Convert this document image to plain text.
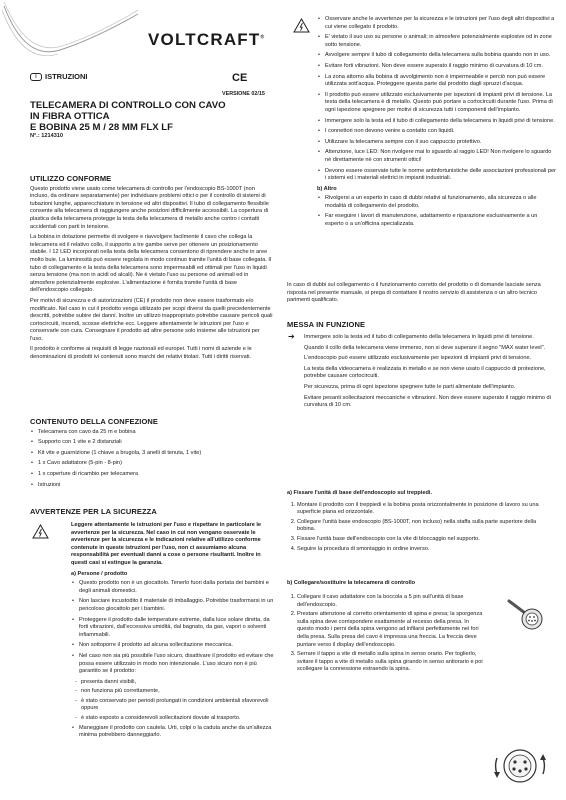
VOLTCRAFT®
i ISTRUZIONI	CE
VERSIONE 02/15
TELECAMERA DI CONTROLLO CON CAVO
IN FIBRA OTTICA
E BOBINA 25 M / 28 MM FLX LF
N°.: 1214310
UTILIZZO CONFORME

Questo prodotto viene usato come telecamera di controllo per l'endoscopio BS-1000T (non incluso, da ordinare separatamente) per individuare problemi ottici o per il controllo di sistemi di tubazioni lunghe, apparecchiature in tensione ed altri dispositivi. Il tubo di collegamento flessibile consente alla telecamera di raggiungere anche posizioni difficilmente accessibili. La copertura di plastica della telecamera protegge la testa della telecamera di metallo anche contro i contatti accidentali con parti in tensione.

La bobina in dotazione permette di svolgere e riavvolgere facilmente il cavo che collega la telecamera ed il relativo collo, il supporto a tre gambe serve per ottenere un posizionamento stabile. I 12 LED incorporati nella testa della telecamera consentono di riprendere anche in aree molto buie. La luminosità può essere regolata in modo continuo tramite l'unità di base collegata. Il tubo di collegamento e la testa della telecamera sono impermeabili ed ottimali per l'uso in liquidi senza tensione (ma non in acidi od alcali). Ne è vietato l'uso su persone od animali ed in atmosfere potenzialmente esplosive. L'alimentazione è fornita tramite l'unità di base dell'endoscopio collegato.

Per motivi di sicurezza e di autorizzazioni (CE) il prodotto non deve essere trasformato e/o modificato. Nel caso in cui il prodotto venga utilizzato per scopi diversi da quelli precedentemente descritti, potrebbe subire dei danni. Inoltre un utilizzo inappropriato potrebbe causare pericoli quali cortocircuiti, incendi, scosse elettriche ecc. Leggere attentamente le istruzioni per l'uso e conservarle con cura. Consegnare il prodotto ad altre persone solo insieme alle istruzioni per l'uso.

Il prodotto è conforme ai requisiti di legge nazionali ed europei. Tutti i nomi di aziende e le denominazioni di prodotti ivi contenuti sono marchi dei relativi titolari. Tutti i diritti riservati.

CONTENUTO DELLA CONFEZIONE
• Telecamera con cavo da 25 m e bobina
• Supporto con 1 vite e 2 distanziali
• Kit vite e guarnizione (1 chiave a brugola, 3 anelli di tenuta, 1 vite)
• 1 x Cavo adattatore (5-pin - 8-pin)
• 1 x coperture di ricambio per telecamera
• Istruzioni
AVVERTENZE PER LA SICUREZZA

Leggere attentamente le istruzioni per l'uso e rispettare in particolare le avvertenze per la sicurezza. Nel caso in cui non vengano osservate le avvertenze per la sicurezza e le indicazioni relative all'utilizzo conforme contenute in queste istruzioni per l'uso, non ci assumiamo alcuna responsabilità per eventuali danni a cose o persone risultanti. Inoltre in questi casi si estingue la garanzia.

a) Persone / prodotto
• Questo prodotto non è un giocattolo. Tenerlo fuori dalla portata dei bambini e degli animali domestici.
• Non lasciare incustodito il materiale di imballaggio. Potrebbe trasformarsi in un pericoloso giocattolo per i bambini.
• Proteggere il prodotto dalle temperature estreme, dalla luce solare diretta, da forti vibrazioni, dall'eccessiva umidità, dal bagnato, da gas, vapori o solventi infiammabili.
• Non sottoporre il prodotto ad alcuna sollecitazione meccanica.
• Nel caso non sia più possibile l'uso sicuro, disattivare il prodotto ed evitare che possa essere utilizzato in modo non intenzionale. L'uso sicuro non è più garantito se il prodotto:
- presenta danni visibili,
- non funziona più correttamente,
- è stato conservato per periodi prolungati in condizioni ambientali sfavorevoli oppure
- è stato esposto a considerevoli sollecitazioni dovute al trasporto.
• Maneggiare il prodotto con cautela. Urti, colpi o la caduta anche da un'altezza minima potrebbero danneggiarlo.
• Osservare anche le avvertenze per la sicurezza e le istruzioni per l'uso degli altri dispositivi a cui viene collegato il prodotto.
• E' vietato il suo uso su persone o animali; in atmosfere potenzialmente esplosive od in zone sotto tensione.
• Avvolgere sempre il tubo di collegamento della telecamera sulla bobina quando non in uso.
• Evitare forti vibrazioni. Non deve essere superato il raggio minimo di curvatura di 10 cm.
• La zona attorno alla bobina di avvolgimento non è impermeabile e perciò non può essere utilizzata sott'acqua. Proteggere questa parte dal prodotto dagli spruzzi d'acqua.
• Il prodotto può essere utilizzato esclusivamente per ispezioni di impianti privi di tensione. La testa della telecamera è di metallo. Questo può portare a cortocircuiti durante l'uso. Prima di ogni ispezione spegnere per motivi di sicurezza tutti i componenti dell'impianto.
• Immergere solo la testa ed il tubo di collegamento della telecamera in liquidi privi di tensione.
• I connettori non devono venire a contatto con liquidi.
• Utilizzare la telecamera sempre con il suo cappuccio protettivo.
• Attenzione, luce LED: Non rivolgere mai lo sguardo al raggio LED! Non rivolgere lo sguardo nè direttamente nè con strumenti ottici!
• Devono essere osservate tutte le norme antinfortunistiche delle associazioni professionali per i sistemi ed i materiali elettrici in impianti industriali.
b) Altro
• Rivolgersi a un esperto in caso di dubbi relativi al funzionamento, alla sicurezza o alle modalità di collegamento del prodotto.
• Far eseguire i lavori di manutenzione, adattamento e riparazione esclusivamente a un esperto o a un'officina specializzata.

In caso di dubbi sul collegamento o il funzionamento corretto del prodotto o di domande lasciate senza risposta nel presente manuale, si prega di contattare il nostro servizio di assistenza o un altro tecnico parimenti qualificato.

MESSA IN FUNZIONE
➔ Immergere solo la testa ed il tubo di collegamento della telecamera in liquidi privi di tensione.

Quando il collo della telecamera viene immerso, non si deve superare il segno "MAX water level".

L'endoscopio può essere utilizzato esclusivamente per ispezioni di impianti privi di tensione.

La testa della videocamera è realizzata in metallo e se non viene usato il cappuccio di protezione, potrebbe causare cortocircuiti.

Per sicurezza, prima di ogni ispezione spegnere tutte le parti alimentate dell'impianto.

Evitare pesanti sollecitazioni meccaniche e vibrazioni. Non deve essere superato il raggio minimo di curvatura di 10 cm.

a) Fissare l'unità di base dell'endoscopio sul treppiedi.
1. Montare il prodotto con il treppiedi e la bobina posta orizzontalmente in posizione di lavoro su una superficie piana ed orizzontale.
2. Collegare l'unità base endoscopio (BS-1000T, non incluso) nella staffa sulla parte superiore della bobina.
3. Fissare l'unità base dell'endoscopio con la vite di bloccaggio nel supporto.
4. Seguire la procedura di smontaggio in ordine inverso.
b) Collegare/sostituire la telecamera di controllo
1. Collegare il cavo adattatore con la boccola a 5 pin sull'unità di base dell'endoscopio.
2. Prestare attenzione al corretto orientamento di spina e presa; la sporgenza sulla spina deve corrispondere esattamente al recesso della presa. In questo modo i perni della spina vengono ad infilarsi perfettamente nei fori della presa. Sulla presa del cavo è impressa una freccia. La freccia deve puntare verso il display dell'endoscopio.
3. Serrare il tappo a vite di metallo sulla spina in senso orario. Per toglierlo, svitare il tappo a vite di metallo sulla spina girando in senso antiorario e poi scollegare la connessione estraendo la spina.
